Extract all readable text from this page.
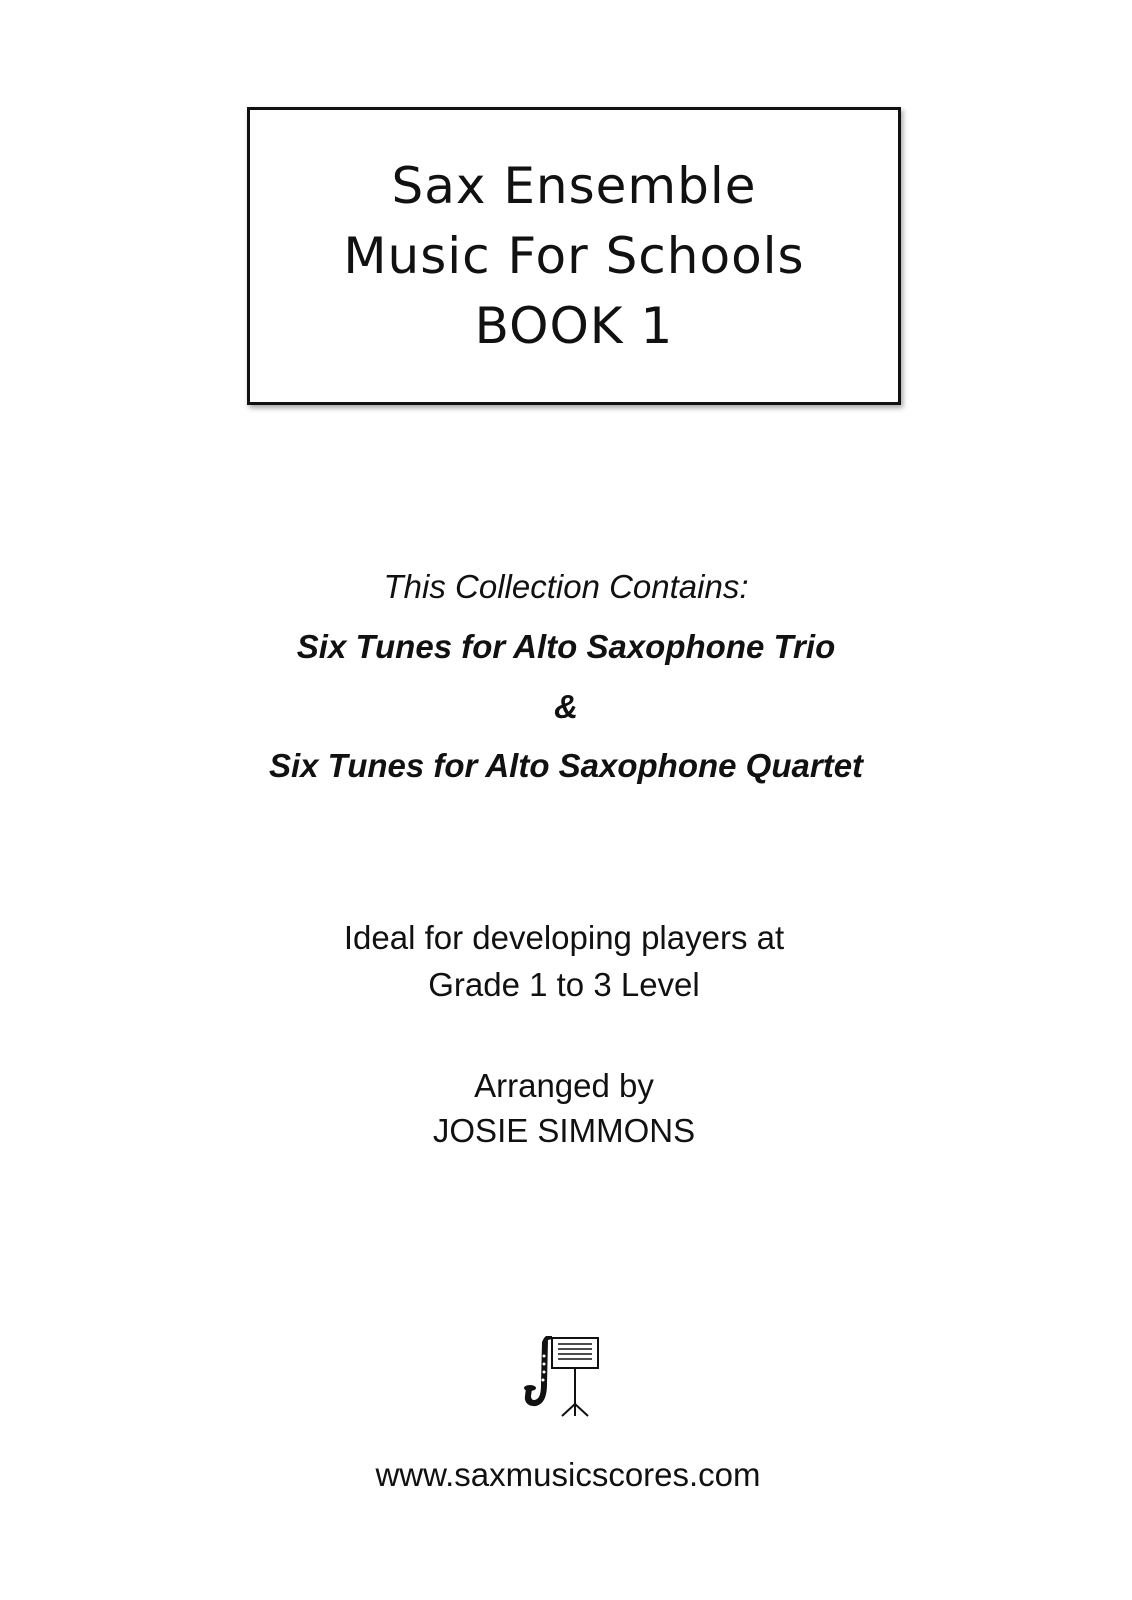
Sax Ensemble
Music For Schools
BOOK 1
This Collection Contains:
Six Tunes for Alto Saxophone Trio
&
Six Tunes for Alto Saxophone Quartet
Ideal for developing players at
Grade 1 to 3 Level
Arranged by
JOSIE SIMMONS
www.saxmusicscores.com
